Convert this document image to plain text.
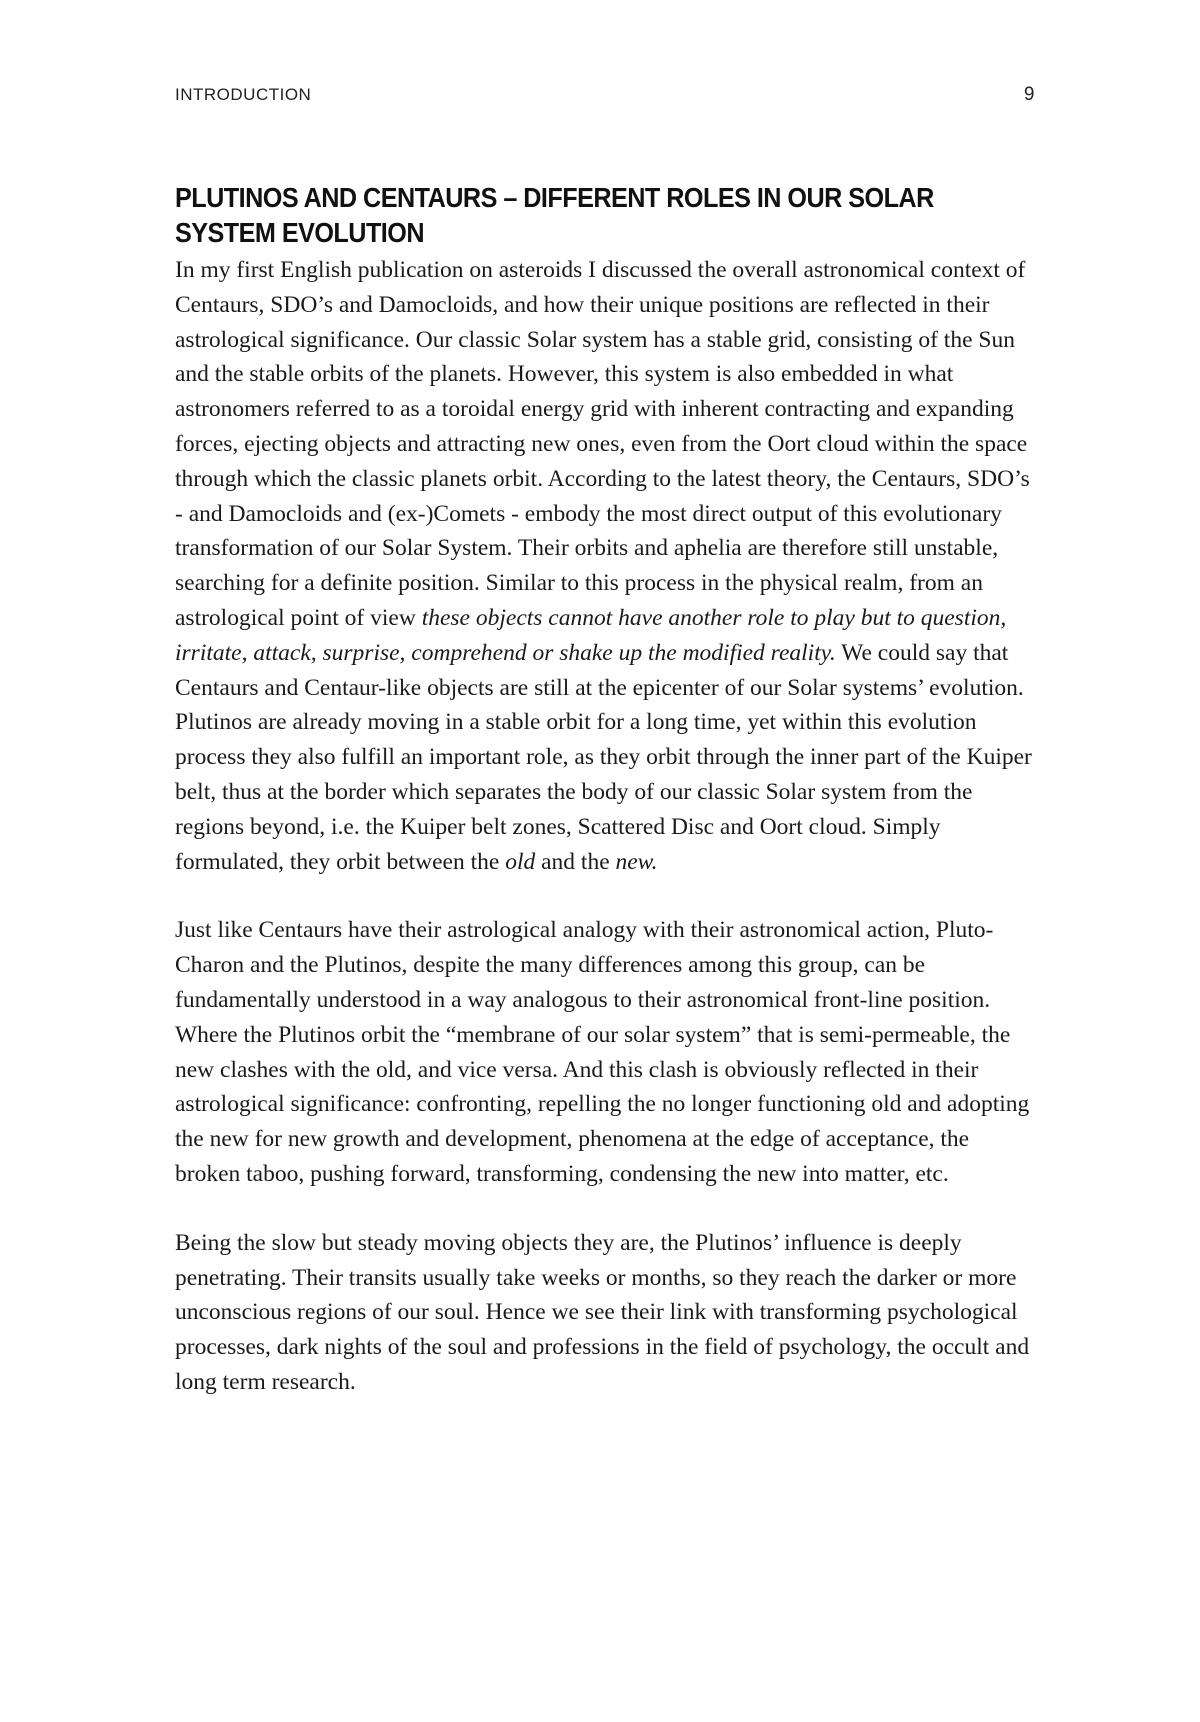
INTRODUCTION	9
PLUTINOS AND CENTAURS – DIFFERENT ROLES IN OUR SOLAR SYSTEM EVOLUTION

In my first English publication on asteroids I discussed the overall astronomical context of Centaurs, SDO’s and Damocloids, and how their unique positions are reflected in their astrological significance. Our classic Solar system has a stable grid, consisting of the Sun and the stable orbits of the planets. However, this system is also embedded in what astronomers referred to as a toroidal energy grid with inherent contracting and expanding forces, ejecting objects and attracting new ones, even from the Oort cloud within the space through which the classic planets orbit. According to the latest theory, the Centaurs, SDO’s - and Damocloids and (ex-)Comets - embody the most direct output of this evolutionary transformation of our Solar System. Their orbits and aphelia are therefore still unstable, searching for a definite position. Similar to this process in the physical realm, from an astrological point of view these objects cannot have another role to play but to question, irritate, attack, surprise, comprehend or shake up the modified reality. We could say that Centaurs and Centaur-like objects are still at the epicenter of our Solar systems’ evolution. Plutinos are already moving in a stable orbit for a long time, yet within this evolution process they also fulfill an important role, as they orbit through the inner part of the Kuiper belt, thus at the border which separates the body of our classic Solar system from the regions beyond, i.e. the Kuiper belt zones, Scattered Disc and Oort cloud. Simply formulated, they orbit between the old and the new.

Just like Centaurs have their astrological analogy with their astronomical action, Pluto-Charon and the Plutinos, despite the many differences among this group, can be fundamentally understood in a way analogous to their astronomical front-line position. Where the Plutinos orbit the “membrane of our solar system” that is semi-permeable, the new clashes with the old, and vice versa. And this clash is obviously reflected in their astrological significance: confronting, repelling the no longer functioning old and adopting the new for new growth and development, phenomena at the edge of acceptance, the broken taboo, pushing forward, transforming, condensing the new into matter, etc.

Being the slow but steady moving objects they are, the Plutinos’ influence is deeply penetrating. Their transits usually take weeks or months, so they reach the darker or more unconscious regions of our soul. Hence we see their link with transforming psychological processes, dark nights of the soul and professions in the field of psychology, the occult and long term research.
